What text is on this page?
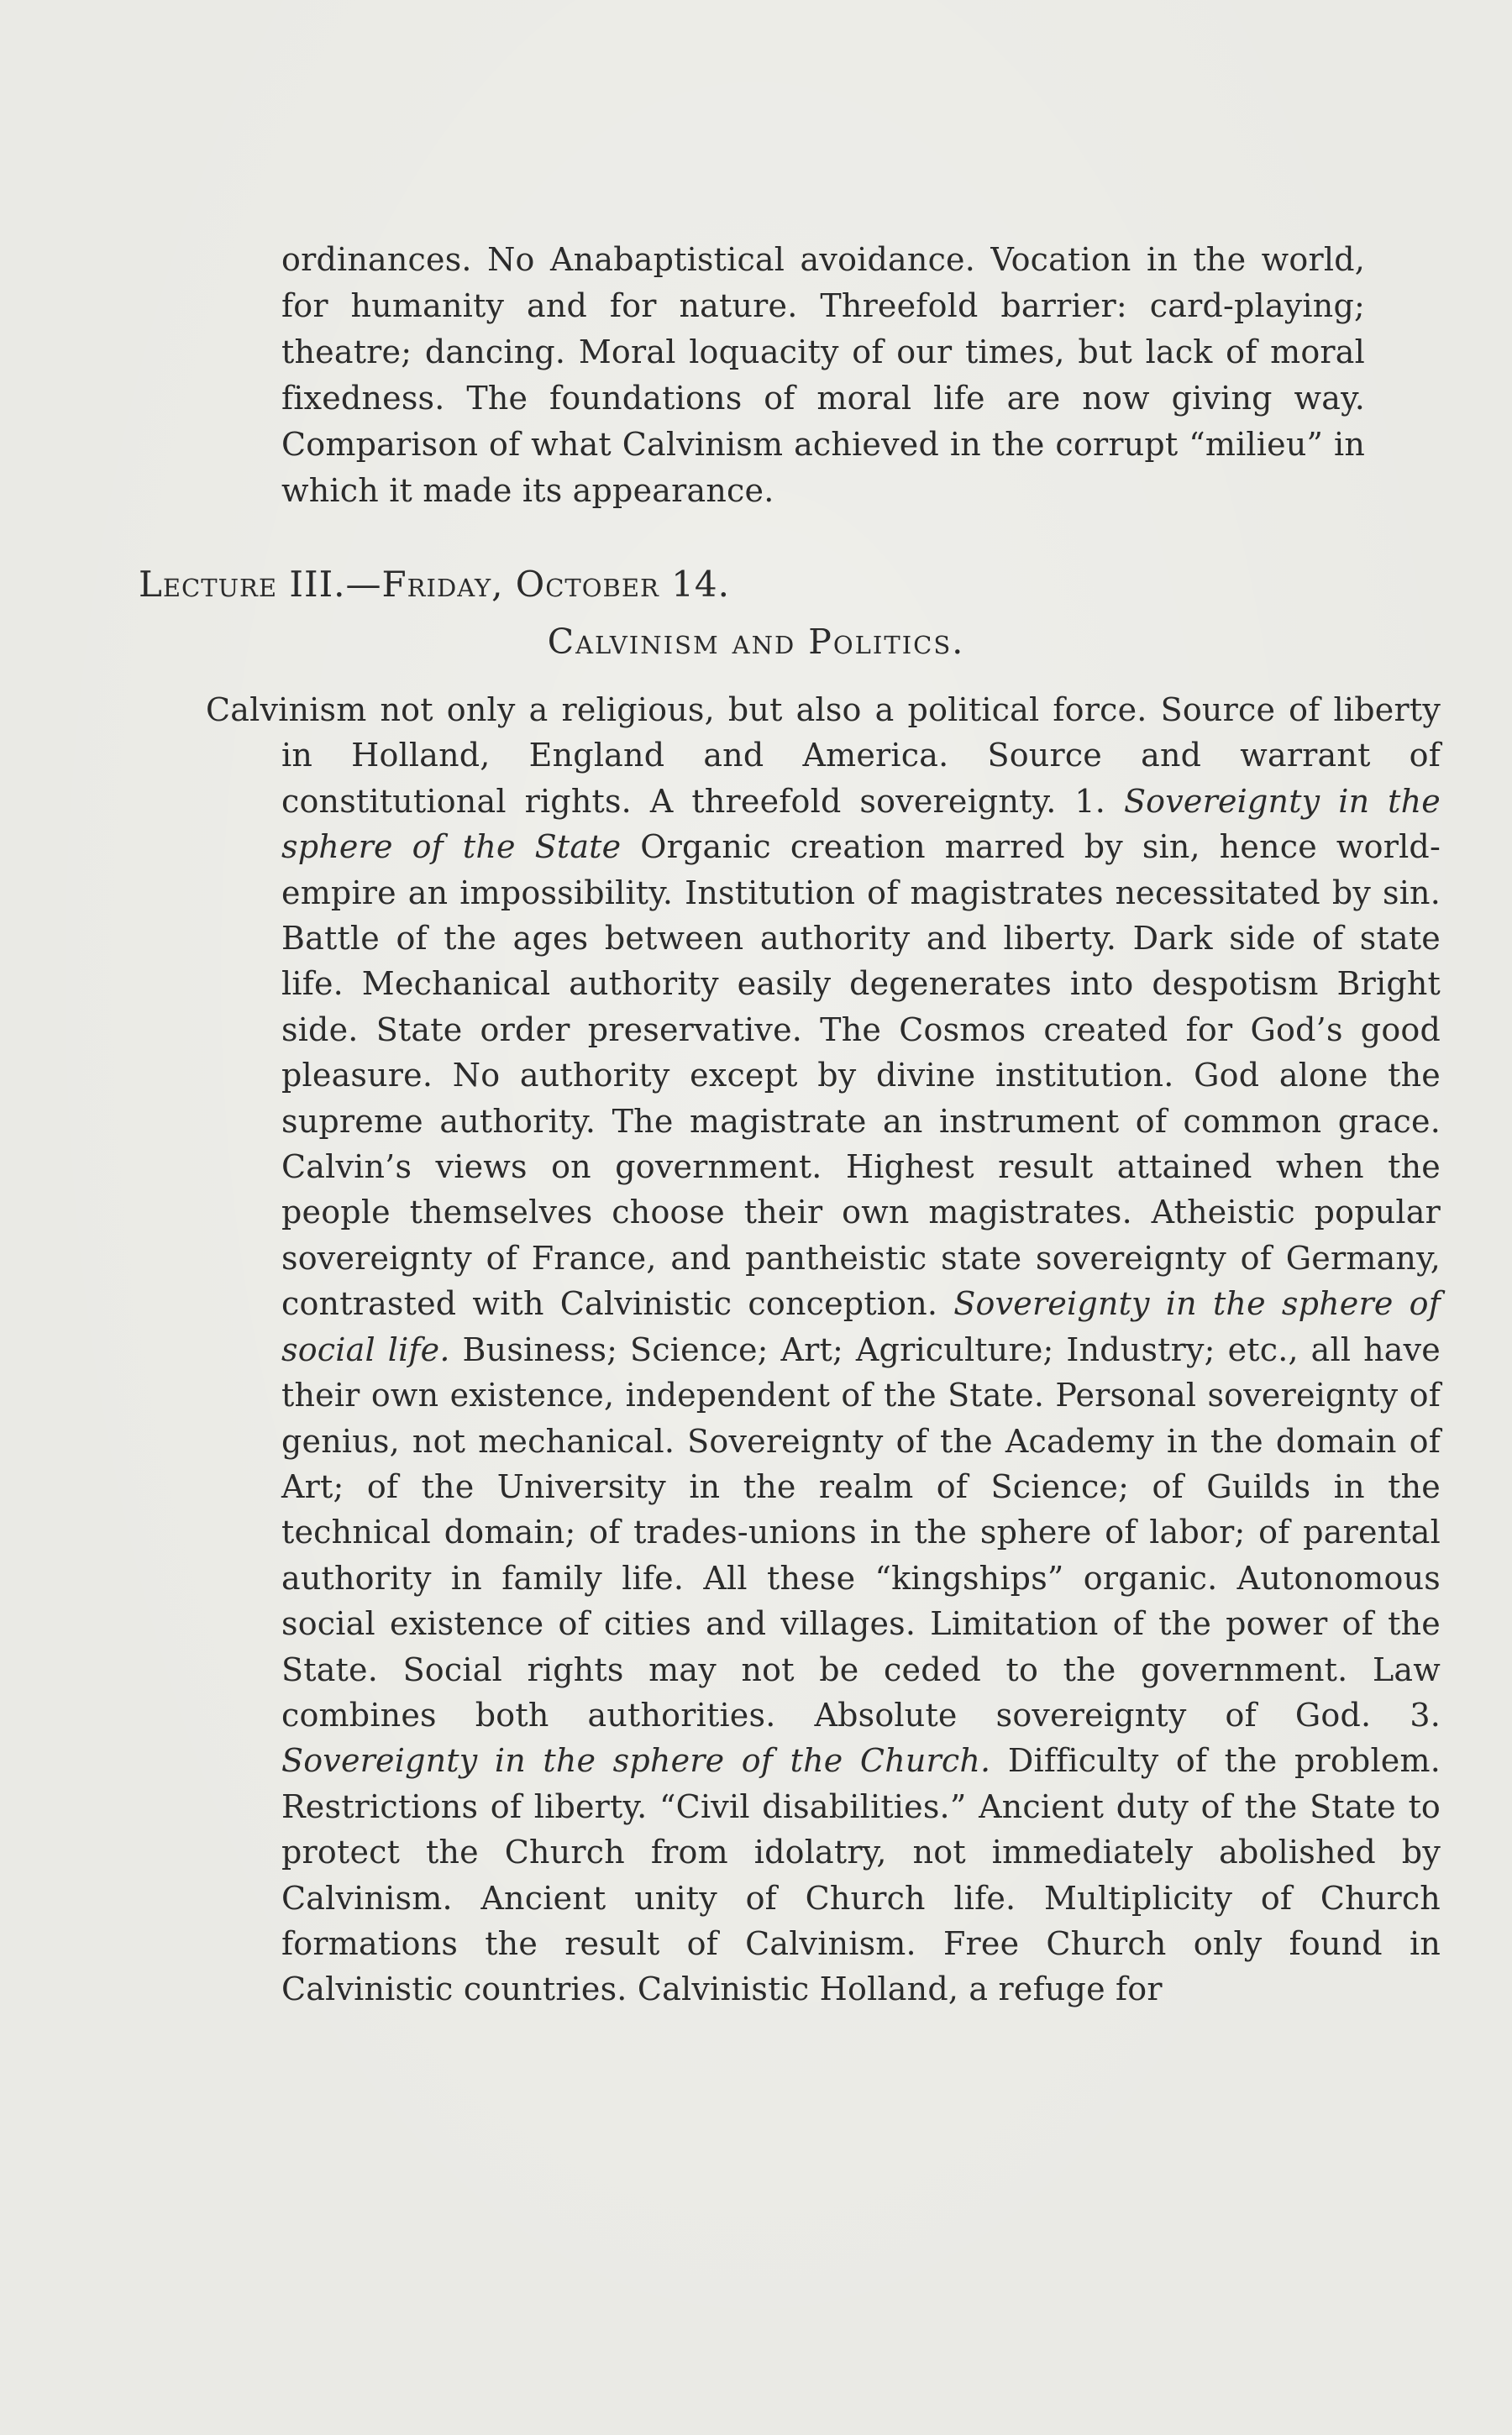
ordinances. No Anabaptistical avoidance. Vocation in the world, for humanity and for nature. Threefold barrier: card-playing; theatre; dancing. Moral loquacity of our times, but lack of moral fixedness. The foundations of moral life are now giving way. Comparison of what Calvinism achieved in the corrupt “milieu” in which it made its appearance.

Lecture III.—Friday, October 14.
Calvinism and Politics.

Calvinism not only a religious, but also a political force. Source of liberty in Holland, England and America. Source and warrant of constitutional rights. A threefold sovereignty. 1. Sovereignty in the sphere of the State Organic creation marred by sin, hence world-empire an impossibility. Institution of magistrates necessitated by sin. Battle of the ages between authority and liberty. Dark side of state life. Mechanical authority easily degenerates into despotism Bright side. State order preservative. The Cosmos created for God’s good pleasure. No authority except by divine institution. God alone the supreme authority. The magistrate an instrument of common grace. Calvin’s views on government. Highest result attained when the people themselves choose their own magistrates. Atheistic popular sovereignty of France, and pantheistic state sovereignty of Germany, contrasted with Calvinistic conception. Sovereignty in the sphere of social life. Business; Science; Art; Agriculture; Industry; etc., all have their own existence, independent of the State. Personal sovereignty of genius, not mechanical. Sovereignty of the Academy in the domain of Art; of the University in the realm of Science; of Guilds in the technical domain; of trades-unions in the sphere of labor; of parental authority in family life. All these “kingships” organic. Autonomous social existence of cities and villages. Limitation of the power of the State. Social rights may not be ceded to the government. Law combines both authorities. Absolute sovereignty of God. 3. Sovereignty in the sphere of the Church. Difficulty of the problem. Restrictions of liberty. “Civil disabilities.” Ancient duty of the State to protect the Church from idolatry, not immediately abolished by Calvinism. Ancient unity of Church life. Multiplicity of Church formations the result of Calvinism. Free Church only found in Calvinistic countries. Calvinistic Holland, a refuge for
